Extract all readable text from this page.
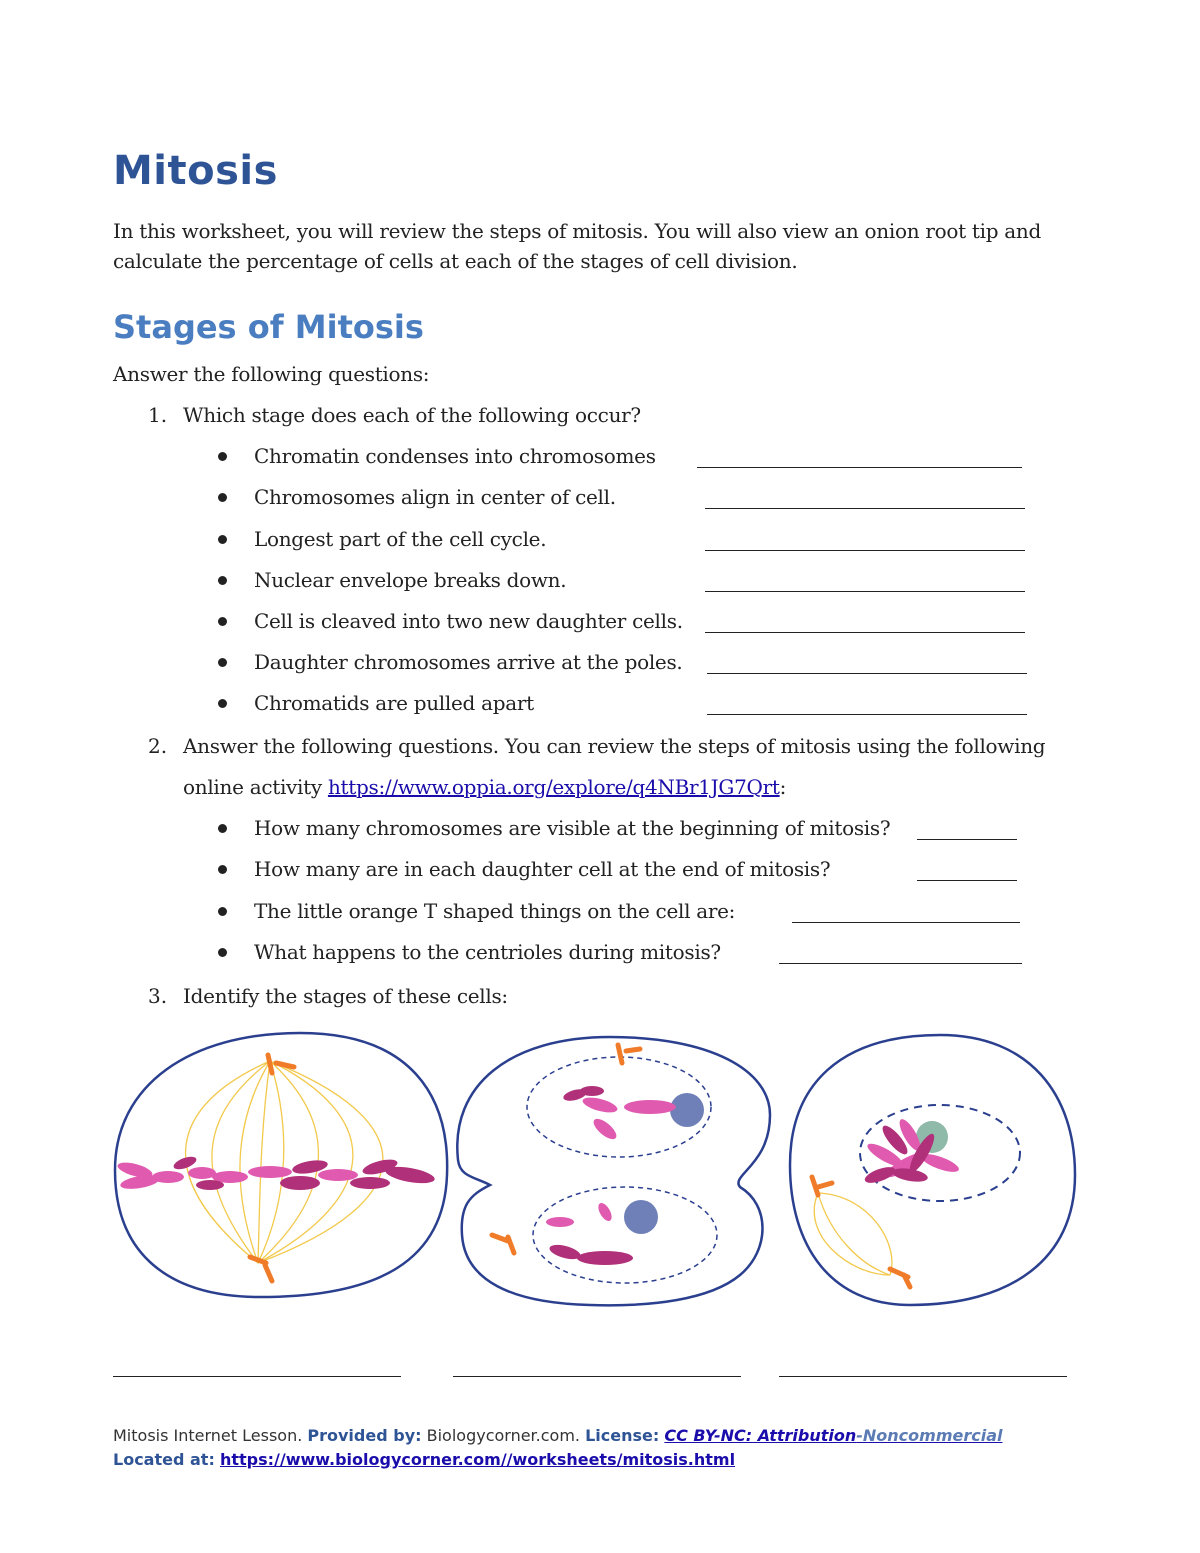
Mitosis

In this worksheet, you will review the steps of mitosis. You will also view an onion root tip and calculate the percentage of cells at each of the stages of cell division.

Stages of Mitosis
Answer the following questions:
1. Which stage does each of the following occur?
Chromatin condenses into chromosomes
Chromosomes align in center of cell.
Longest part of the cell cycle.
Nuclear envelope breaks down.
Cell is cleaved into two new daughter cells.
Daughter chromosomes arrive at the poles.
Chromatids are pulled apart
2. Answer the following questions. You can review the steps of mitosis using the following
online activity https://www.oppia.org/explore/q4NBr1JG7Qrt:
How many chromosomes are visible at the beginning of mitosis?
How many are in each daughter cell at the end of mitosis?
The little orange T shaped things on the cell are:
What happens to the centrioles during mitosis?
3. Identify the stages of these cells:
Mitosis Internet Lesson. Provided by: Biologycorner.com. License: CC BY-NC: Attribution-Noncommercial
Located at: https://www.biologycorner.com//worksheets/mitosis.html
